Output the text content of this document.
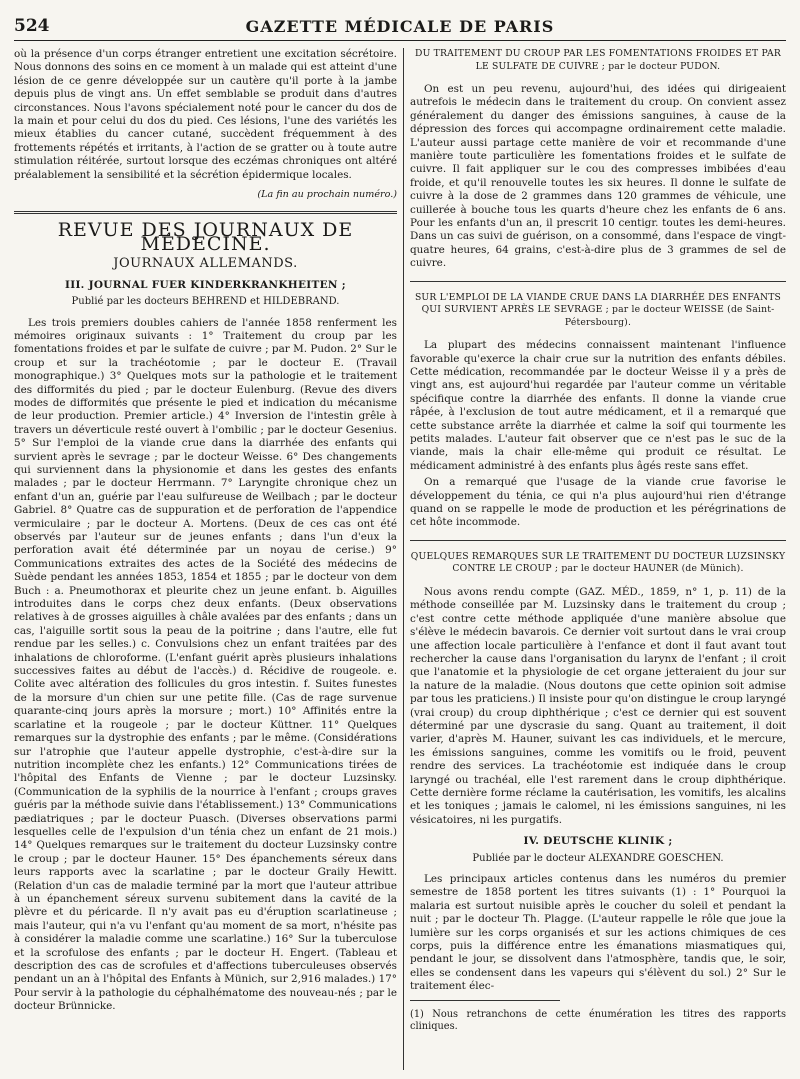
524	GAZETTE MÉDICALE DE PARIS

où la présence d'un corps étranger entretient une excitation sécrétoire. Nous donnons des soins en ce moment à un malade qui est atteint d'une lésion de ce genre développée sur un cautère qu'il porte à la jambe depuis plus de vingt ans. Un effet semblable se produit dans d'autres circonstances. Nous l'avons spécialement noté pour le cancer du dos de la main et pour celui du dos du pied. Ces lésions, l'une des variétés les mieux établies du cancer cutané, succèdent fréquemment à des frottements répétés et irritants, à l'action de se gratter ou à toute autre stimulation réitérée, surtout lorsque des eczémas chroniques ont altéré préalablement la sensibilité et la sécrétion épidermique locales.

(La fin au prochain numéro.)
REVUE DES JOURNAUX DE MÉDECINE.
JOURNAUX ALLEMANDS.
III. JOURNAL FUER KINDERKRANKHEITEN ;
Publié par les docteurs BEHREND et HILDEBRAND.

Les trois premiers doubles cahiers de l'année 1858 renferment les mémoires originaux suivants : 1° Traitement du croup par les fomentations froides et par le sulfate de cuivre ; par M. Pudon. 2° Sur le croup et sur la trachéotomie ; par le docteur E. (Travail monographique.) 3° Quelques mots sur la pathologie et le traitement des difformités du pied ; par le docteur Eulenburg. (Revue des divers modes de difformités que présente le pied et indication du mécanisme de leur production. Premier article.) 4° Inversion de l'intestin grêle à travers un déverticule resté ouvert à l'ombilic ; par le docteur Gesenius. 5° Sur l'emploi de la viande crue dans la diarrhée des enfants qui survient après le sevrage ; par le docteur Weisse. 6° Des changements qui surviennent dans la physionomie et dans les gestes des enfants malades ; par le docteur Herrmann. 7° Laryngite chronique chez un enfant d'un an, guérie par l'eau sulfureuse de Weilbach ; par le docteur Gabriel. 8° Quatre cas de suppuration et de perforation de l'appendice vermiculaire ; par le docteur A. Mortens. (Deux de ces cas ont été observés par l'auteur sur de jeunes enfants ; dans l'un d'eux la perforation avait été déterminée par un noyau de cerise.) 9° Communications extraites des actes de la Société des médecins de Suède pendant les années 1853, 1854 et 1855 ; par le docteur von dem Buch : a. Pneumothorax et pleurite chez un jeune enfant. b. Aiguilles introduites dans le corps chez deux enfants. (Deux observations relatives à de grosses aiguilles à châle avalées par des enfants ; dans un cas, l'aiguille sortit sous la peau de la poitrine ; dans l'autre, elle fut rendue par les selles.) c. Convulsions chez un enfant traitées par des inhalations de chloroforme. (L'enfant guérit après plusieurs inhalations successives faites au début de l'accès.) d. Récidive de rougeole. e. Colite avec altération des follicules du gros intestin. f. Suites funestes de la morsure d'un chien sur une petite fille. (Cas de rage survenue quarante-cinq jours après la morsure ; mort.) 10° Affinités entre la scarlatine et la rougeole ; par le docteur Küttner. 11° Quelques remarques sur la dystrophie des enfants ; par le même. (Considérations sur l'atrophie que l'auteur appelle dystrophie, c'est-à-dire sur la nutrition incomplète chez les enfants.) 12° Communications tirées de l'hôpital des Enfants de Vienne ; par le docteur Luzsinsky. (Communication de la syphilis de la nourrice à l'enfant ; croups graves guéris par la méthode suivie dans l'établissement.) 13° Communications pædiatriques ; par le docteur Puasch. (Diverses observations parmi lesquelles celle de l'expulsion d'un ténia chez un enfant de 21 mois.) 14° Quelques remarques sur le traitement du docteur Luzsinsky contre le croup ; par le docteur Hauner. 15° Des épanchements séreux dans leurs rapports avec la scarlatine ; par le docteur Graily Hewitt. (Relation d'un cas de maladie terminé par la mort que l'auteur attribue à un épanchement séreux survenu subitement dans la cavité de la plèvre et du péricarde. Il n'y avait pas eu d'éruption scarlatineuse ; mais l'auteur, qui n'a vu l'enfant qu'au moment de sa mort, n'hésite pas à considérer la maladie comme une scarlatine.) 16° Sur la tuberculose et la scrofulose des enfants ; par le docteur H. Engert. (Tableau et description des cas de scrofules et d'affections tuberculeuses observés pendant un an à l'hôpital des Enfants à Münich, sur 2,916 malades.) 17° Pour servir à la pathologie du céphalhématome des nouveau-nés ; par le docteur Brünnicke.

DU TRAITEMENT DU CROUP PAR LES FOMENTATIONS FROIDES ET PAR LE SULFATE DE CUIVRE ; par le docteur PUDON.

On est un peu revenu, aujourd'hui, des idées qui dirigeaient autrefois le médecin dans le traitement du croup. On convient assez généralement du danger des émissions sanguines, à cause de la dépression des forces qui accompagne ordinairement cette maladie. L'auteur aussi partage cette manière de voir et recommande d'une manière toute particulière les fomentations froides et le sulfate de cuivre. Il fait appliquer sur le cou des compresses imbibées d'eau froide, et qu'il renouvelle toutes les six heures. Il donne le sulfate de cuivre à la dose de 2 grammes dans 120 grammes de véhicule, une cuillerée à bouche tous les quarts d'heure chez les enfants de 6 ans. Pour les enfants d'un an, il prescrit 10 centigr. toutes les demi-heures. Dans un cas suivi de guérison, on a consommé, dans l'espace de vingt-quatre heures, 64 grains, c'est-à-dire plus de 3 grammes de sel de cuivre.

SUR L'EMPLOI DE LA VIANDE CRUE DANS LA DIARRHÉE DES ENFANTS QUI SURVIENT APRÈS LE SEVRAGE ; par le docteur WEISSE (de Saint-Pétersbourg).

La plupart des médecins connaissent maintenant l'influence favorable qu'exerce la chair crue sur la nutrition des enfants débiles. Cette médication, recommandée par le docteur Weisse il y a près de vingt ans, est aujourd'hui regardée par l'auteur comme un véritable spécifique contre la diarrhée des enfants. Il donne la viande crue râpée, à l'exclusion de tout autre médicament, et il a remarqué que cette substance arrête la diarrhée et calme la soif qui tourmente les petits malades. L'auteur fait observer que ce n'est pas le suc de la viande, mais la chair elle-même qui produit ce résultat. Le médicament administré à des enfants plus âgés reste sans effet.

On a remarqué que l'usage de la viande crue favorise le développement du ténia, ce qui n'a plus aujourd'hui rien d'étrange quand on se rappelle le mode de production et les pérégrinations de cet hôte incommode.

QUELQUES REMARQUES SUR LE TRAITEMENT DU DOCTEUR LUZSINSKY CONTRE LE CROUP ; par le docteur HAUNER (de Münich).

Nous avons rendu compte (GAZ. MÉD., 1859, n° 1, p. 11) de la méthode conseillée par M. Luzsinsky dans le traitement du croup ; c'est contre cette méthode appliquée d'une manière absolue que s'élève le médecin bavarois. Ce dernier voit surtout dans le vrai croup une affection locale particulière à l'enfance et dont il faut avant tout rechercher la cause dans l'organisation du larynx de l'enfant ; il croit que l'anatomie et la physiologie de cet organe jetteraient du jour sur la nature de la maladie. (Nous doutons que cette opinion soit admise par tous les praticiens.) Il insiste pour qu'on distingue le croup laryngé (vrai croup) du croup diphthérique ; c'est ce dernier qui est souvent déterminé par une dyscrasie du sang. Quant au traitement, il doit varier, d'après M. Hauner, suivant les cas individuels, et le mercure, les émissions sanguines, comme les vomitifs ou le froid, peuvent rendre des services. La trachéotomie est indiquée dans le croup laryngé ou trachéal, elle l'est rarement dans le croup diphthérique. Cette dernière forme réclame la cautérisation, les vomitifs, les alcalins et les toniques ; jamais le calomel, ni les émissions sanguines, ni les vésicatoires, ni les purgatifs.

IV. DEUTSCHE KLINIK ;
Publiée par le docteur ALEXANDRE GOESCHEN.

Les principaux articles contenus dans les numéros du premier semestre de 1858 portent les titres suivants (1) : 1° Pourquoi la malaria est surtout nuisible après le coucher du soleil et pendant la nuit ; par le docteur Th. Plagge. (L'auteur rappelle le rôle que joue la lumière sur les corps organisés et sur les actions chimiques de ces corps, puis la différence entre les émanations miasmatiques qui, pendant le jour, se dissolvent dans l'atmosphère, tandis que, le soir, elles se condensent dans les vapeurs qui s'élèvent du sol.) 2° Sur le traitement élec-

(1) Nous retranchons de cette énumération les titres des rapports cliniques.
